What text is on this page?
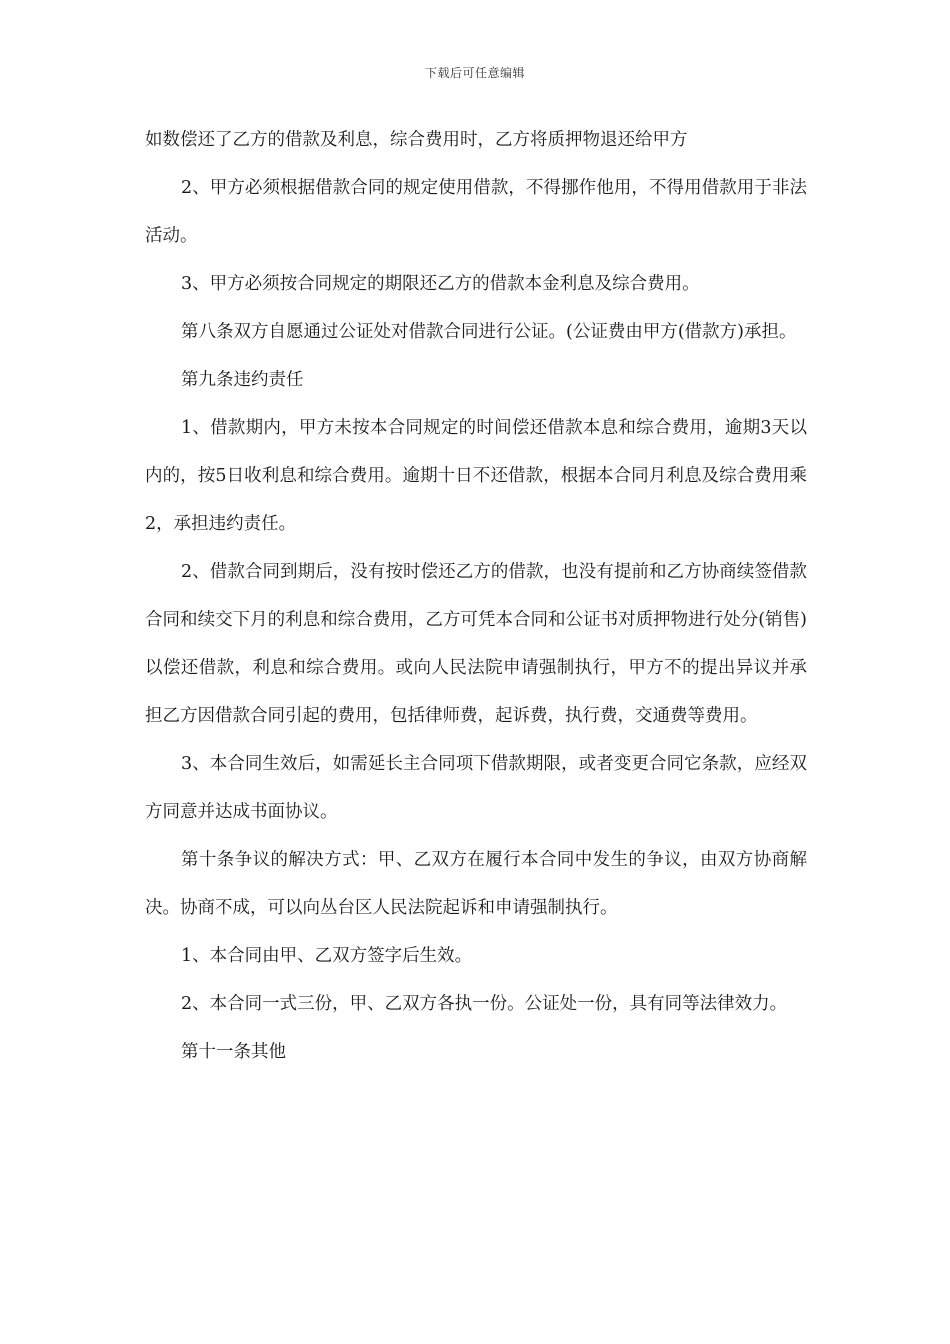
下载后可任意编辑

如数偿还了乙方的借款及利息，综合费用时，乙方将质押物退还给甲方

2、甲方必须根据借款合同的规定使用借款，不得挪作他用，不得用借款用于非法活动。

3、甲方必须按合同规定的期限还乙方的借款本金利息及综合费用。

第八条双方自愿通过公证处对借款合同进行公证。(公证费由甲方(借款方)承担。

第九条违约责任

1、借款期内，甲方未按本合同规定的时间偿还借款本息和综合费用，逾期3天以内的，按5日收利息和综合费用。逾期十日不还借款，根据本合同月利息及综合费用乘2，承担违约责任。

2、借款合同到期后，没有按时偿还乙方的借款，也没有提前和乙方协商续签借款合同和续交下月的利息和综合费用，乙方可凭本合同和公证书对质押物进行处分(销售)以偿还借款，利息和综合费用。或向人民法院申请强制执行，甲方不的提出异议并承担乙方因借款合同引起的费用，包括律师费，起诉费，执行费，交通费等费用。

3、本合同生效后，如需延长主合同项下借款期限，或者变更合同它条款，应经双方同意并达成书面协议。

第十条争议的解决方式：甲、乙双方在履行本合同中发生的争议，由双方协商解决。协商不成，可以向丛台区人民法院起诉和申请强制执行。

1、本合同由甲、乙双方签字后生效。

2、本合同一式三份，甲、乙双方各执一份。公证处一份，具有同等法律效力。

第十一条其他
